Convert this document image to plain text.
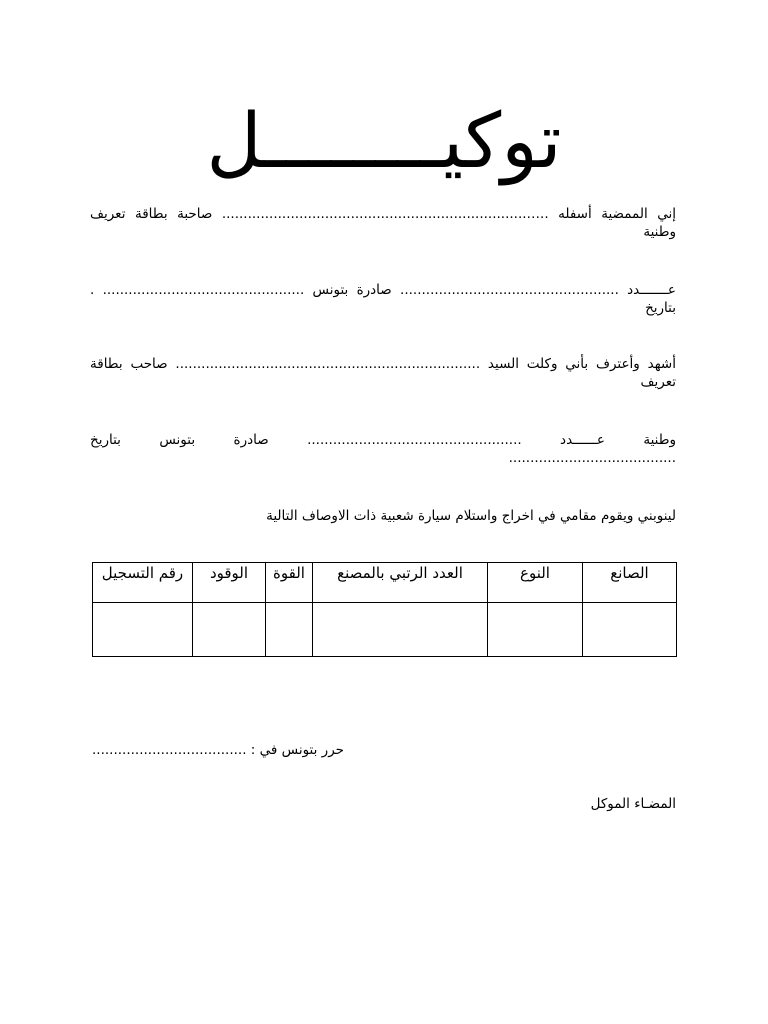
توكيــــــــل

إني الممضية أسفله ..…....................................................................... صاحبة بطاقة تعريف وطنية

عـــــــدد ................................................... صادرة بتونس ............................................... . بتاريخ

أشهد وأعترف بأني وكلت السيد ....................................................................... صاحب بطاقة تعريف

وطنية عــــــدد .................................................. صادرة بتونس بتاريخ .......................................

لينوبني ويقوم مقامي في اخراج واستلام سيارة شعبية ذات الاوصاف التالية

الصانع	النوع	العدد الرتبي بالمصنع	القوة	الوقود	رقم التسجيل

حرر بتونس في : ....................................

المضـاء الموكل
